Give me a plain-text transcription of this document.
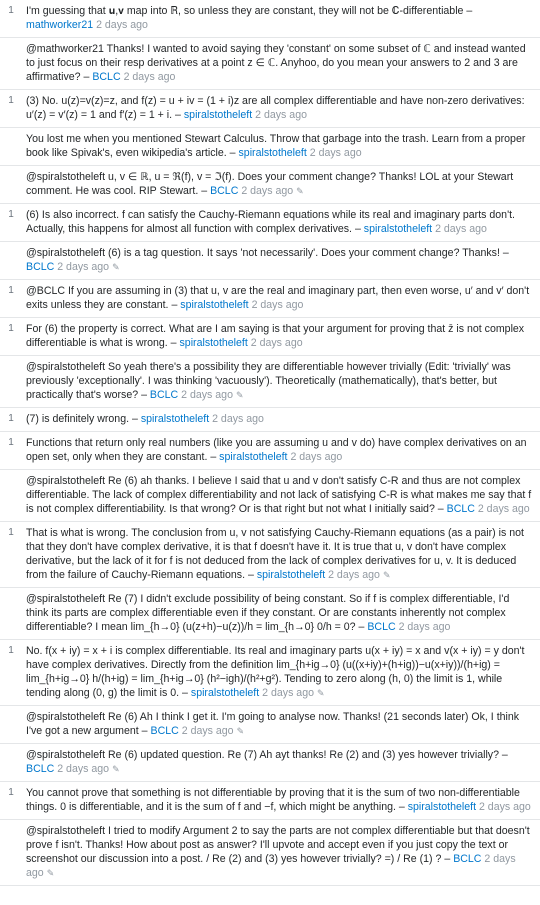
1	I'm guessing that 𝐮,𝐯 map into ℝ, so unless they are constant, they will not be ℂ-differentiable – mathworker21 2 days ago
@mathworker21 Thanks! I wanted to avoid saying they 'constant' on some subset of ℂ and instead wanted to just focus on their resp derivatives at a point z ∈ ℂ. Anyhoo, do you mean your answers to 2 and 3 are affirmative? – BCLC 2 days ago
1	(3) No. u(z)=v(z)=z, and f(z) = u + iv = (1 + i)z are all complex differentiable and have non-zero derivatives: u′(z) = v′(z) = 1 and f′(z) = 1 + i. – spiralstotheleft 2 days ago
You lost me when you mentioned Stewart Calculus. Throw that garbage into the trash. Learn from a proper book like Spivak's, even wikipedia's article. – spiralstotheleft 2 days ago
@spiralstotheleft u, v ∈ ℝ, u = ℜ(f), v = ℑ(f). Does your comment change? Thanks! LOL at your Stewart comment. He was cool. RIP Stewart. – BCLC 2 days ago ✎
1	(6) Is also incorrect. f can satisfy the Cauchy-Riemann equations while its real and imaginary parts don't. Actually, this happens for almost all function with complex derivatives. – spiralstotheleft 2 days ago
@spiralstotheleft (6) is a tag question. It says 'not necessarily'. Does your comment change? Thanks! – BCLC 2 days ago ✎
1	@BCLC If you are assuming in (3) that u, v are the real and imaginary part, then even worse, u′ and v′ don't exits unless they are constant. – spiralstotheleft 2 days ago
1	For (6) the property is correct. What are I am saying is that your argument for proving that z̄ is not complex differentiable is what is wrong. – spiralstotheleft 2 days ago
@spiralstotheleft So yeah there's a possibility they are differentiable however trivially (Edit: 'trivially' was previously 'exceptionally'. I was thinking 'vacuously'). Theoretically (mathematically), that's better, but practically that's worse? – BCLC 2 days ago ✎
1	(7) is definitely wrong. – spiralstotheleft 2 days ago
1	Functions that return only real numbers (like you are assuming u and v do) have complex derivatives on an open set, only when they are constant. – spiralstotheleft 2 days ago
@spiralstotheleft Re (6) ah thanks. I believe I said that u and v don't satisfy C-R and thus are not complex differentiable. The lack of complex differentiability and not lack of satisfying C-R is what makes me say that f is not complex differentiability. Is that wrong? Or is that right but not what I initially said? – BCLC 2 days ago
1	That is what is wrong. The conclusion from u, v not satisfying Cauchy-Riemann equations (as a pair) is not that they don't have complex derivative, it is that f doesn't have it. It is true that u, v don't have complex derivative, but the lack of it for f is not deduced from the lack of complex derivatives for u, v. It is deduced from the failure of Cauchy-Riemann equations. – spiralstotheleft 2 days ago ✎
@spiralstotheleft Re (7) I didn't exclude possibility of being constant. So if f is complex differentiable, I'd think its parts are complex differentiable even if they constant. Or are constants inherently not complex differentiable? I mean lim_{h→0} (u(z+h)−u(z))/h = lim_{h→0} 0/h = 0? – BCLC 2 days ago
1	No. f(x + iy) = x + i is complex differentiable. Its real and imaginary parts u(x + iy) = x and v(x + iy) = y don't have complex derivatives. Directly from the definition lim_{h+ig→0} (u((x+iy)+(h+ig))−u(x+iy))/(h+ig) = lim_{h+ig→0} h/(h+ig) = lim_{h+ig→0} (h²−igh)/(h²+g²). Tending to zero along (h, 0) the limit is 1, while tending along (0, g) the limit is 0. – spiralstotheleft 2 days ago ✎
@spiralstotheleft Re (6) Ah I think I get it. I'm going to analyse now. Thanks! (21 seconds later) Ok, I think I've got a new argument – BCLC 2 days ago ✎
@spiralstotheleft Re (6) updated question. Re (7) Ah ayt thanks! Re (2) and (3) yes however trivially? – BCLC 2 days ago ✎
1	You cannot prove that something is not differentiable by proving that it is the sum of two non-differentiable things. 0 is differentiable, and it is the sum of f and −f, which might be anything. – spiralstotheleft 2 days ago
@spiralstotheleft I tried to modify Argument 2 to say the parts are not complex differentiable but that doesn't prove f isn't. Thanks! How about post as answer? I'll upvote and accept even if you just copy the text or screenshot our discussion into a post. / Re (2) and (3) yes however trivially? =) / Re (1) ? – BCLC 2 days ago ✎
